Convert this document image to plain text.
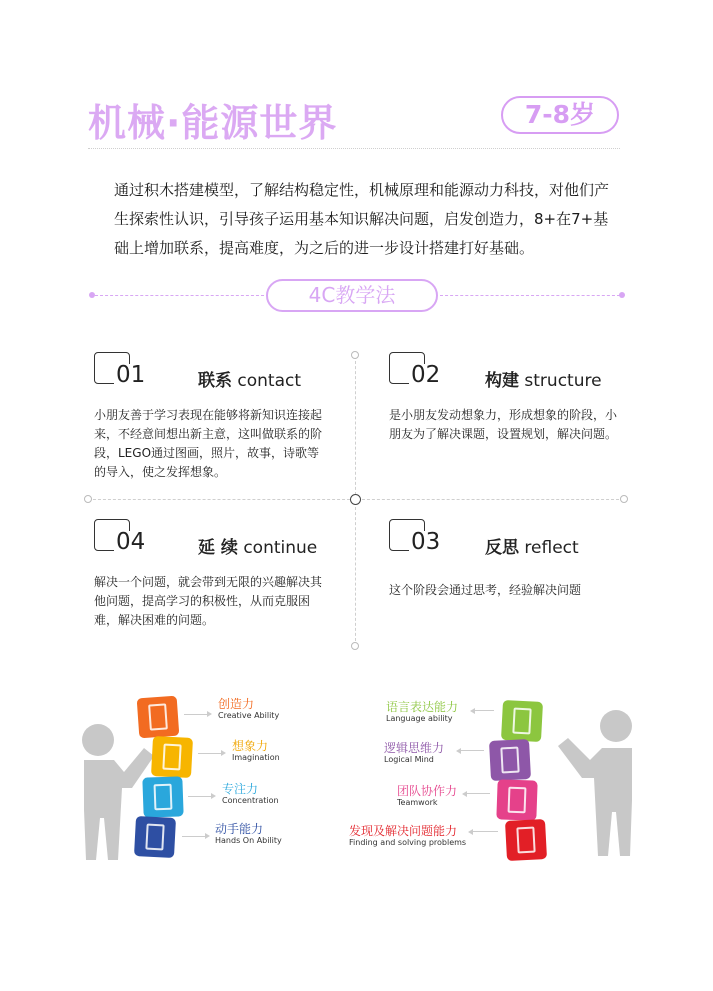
机械·能源世界	7-8岁
通过积木搭建模型，了解结构稳定性，机械原理和能源动力科技，对他们产生探索性认识，引导孩子运用基本知识解决问题，启发创造力，8+在7+基础上增加联系，提高难度，为之后的进一步设计搭建打好基础。
4C教学法
01	联系 contact
小朋友善于学习表现在能够将新知识连接起来，不经意间想出新主意，这叫做联系的阶段，LEGO通过图画，照片，故事，诗歌等的导入，使之发挥想象。
02	构建 structure
是小朋友发动想象力，形成想象的阶段，小朋友为了解决课题，设置规划，解决问题。
04	延 续 continue
解决一个问题，就会带到无限的兴趣解决其他问题，提高学习的积极性，从而克服困难，解决困难的问题。
03	反思 reflect
这个阶段会通过思考，经验解决问题
创造力
Creative Ability
想象力
Imagination
专注力
Concentration
动手能力
Hands On Ability
语言表达能力
Language ability
逻辑思维力
Logical Mind
团队协作力
Teamwork
发现及解决问题能力
Finding and solving problems
